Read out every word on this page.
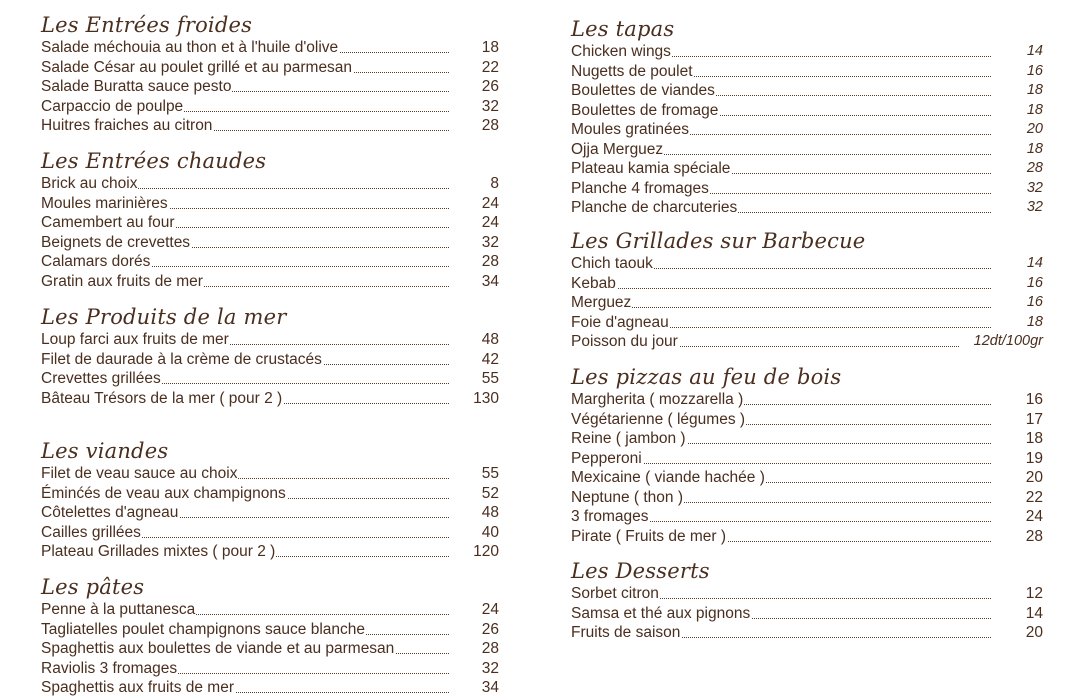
Les Entrées froides
Salade méchouia au thon et à l'huile d'olive	18
Salade César au poulet grillé et au parmesan	22
Salade Buratta sauce pesto	26
Carpaccio de poulpe	32
Huitres fraiches au citron	28
Les Entrées chaudes
Brick au choix	8
Moules marinières	24
Camembert au four	24
Beignets de crevettes	32
Calamars dorés	28
Gratin aux fruits de mer	34
Les Produits de la mer
Loup farci aux fruits de mer	48
Filet de daurade à la crème de crustacés	42
Crevettes grillées	55
Bâteau Trésors de la mer ( pour 2 )	130
Les viandes
Filet de veau sauce au choix	55
Éminćés de veau aux champignons	52
Côtelettes d'agneau	48
Cailles grillées	40
Plateau Grillades mixtes ( pour 2 )	120
Les pâtes
Penne à la puttanesca	24
Tagliatelles poulet champignons sauce blanche	26
Spaghettis aux boulettes de viande et au parmesan	28
Raviolis 3 fromages	32
Spaghettis aux fruits de mer	34
Les tapas
Chicken wings	14
Nugetts de poulet	16
Boulettes de viandes	18
Boulettes de fromage	18
Moules gratinées	20
Ojja Merguez	18
Plateau kamia spéciale	28
Planche 4 fromages	32
Planche de charcuteries	32
Les Grillades sur Barbecue
Chich taouk	14
Kebab	16
Merguez	16
Foie d'agneau	18
Poisson du jour	12dt/100gr
Les pizzas au feu de bois
Margherita ( mozzarella )	16
Végétarienne ( légumes )	17
Reine ( jambon )	18
Pepperoni	19
Mexicaine ( viande hachée )	20
Neptune ( thon )	22
3 fromages	24
Pirate ( Fruits de mer )	28
Les Desserts
Sorbet citron	12
Samsa et thé aux pignons	14
Fruits de saison	20
